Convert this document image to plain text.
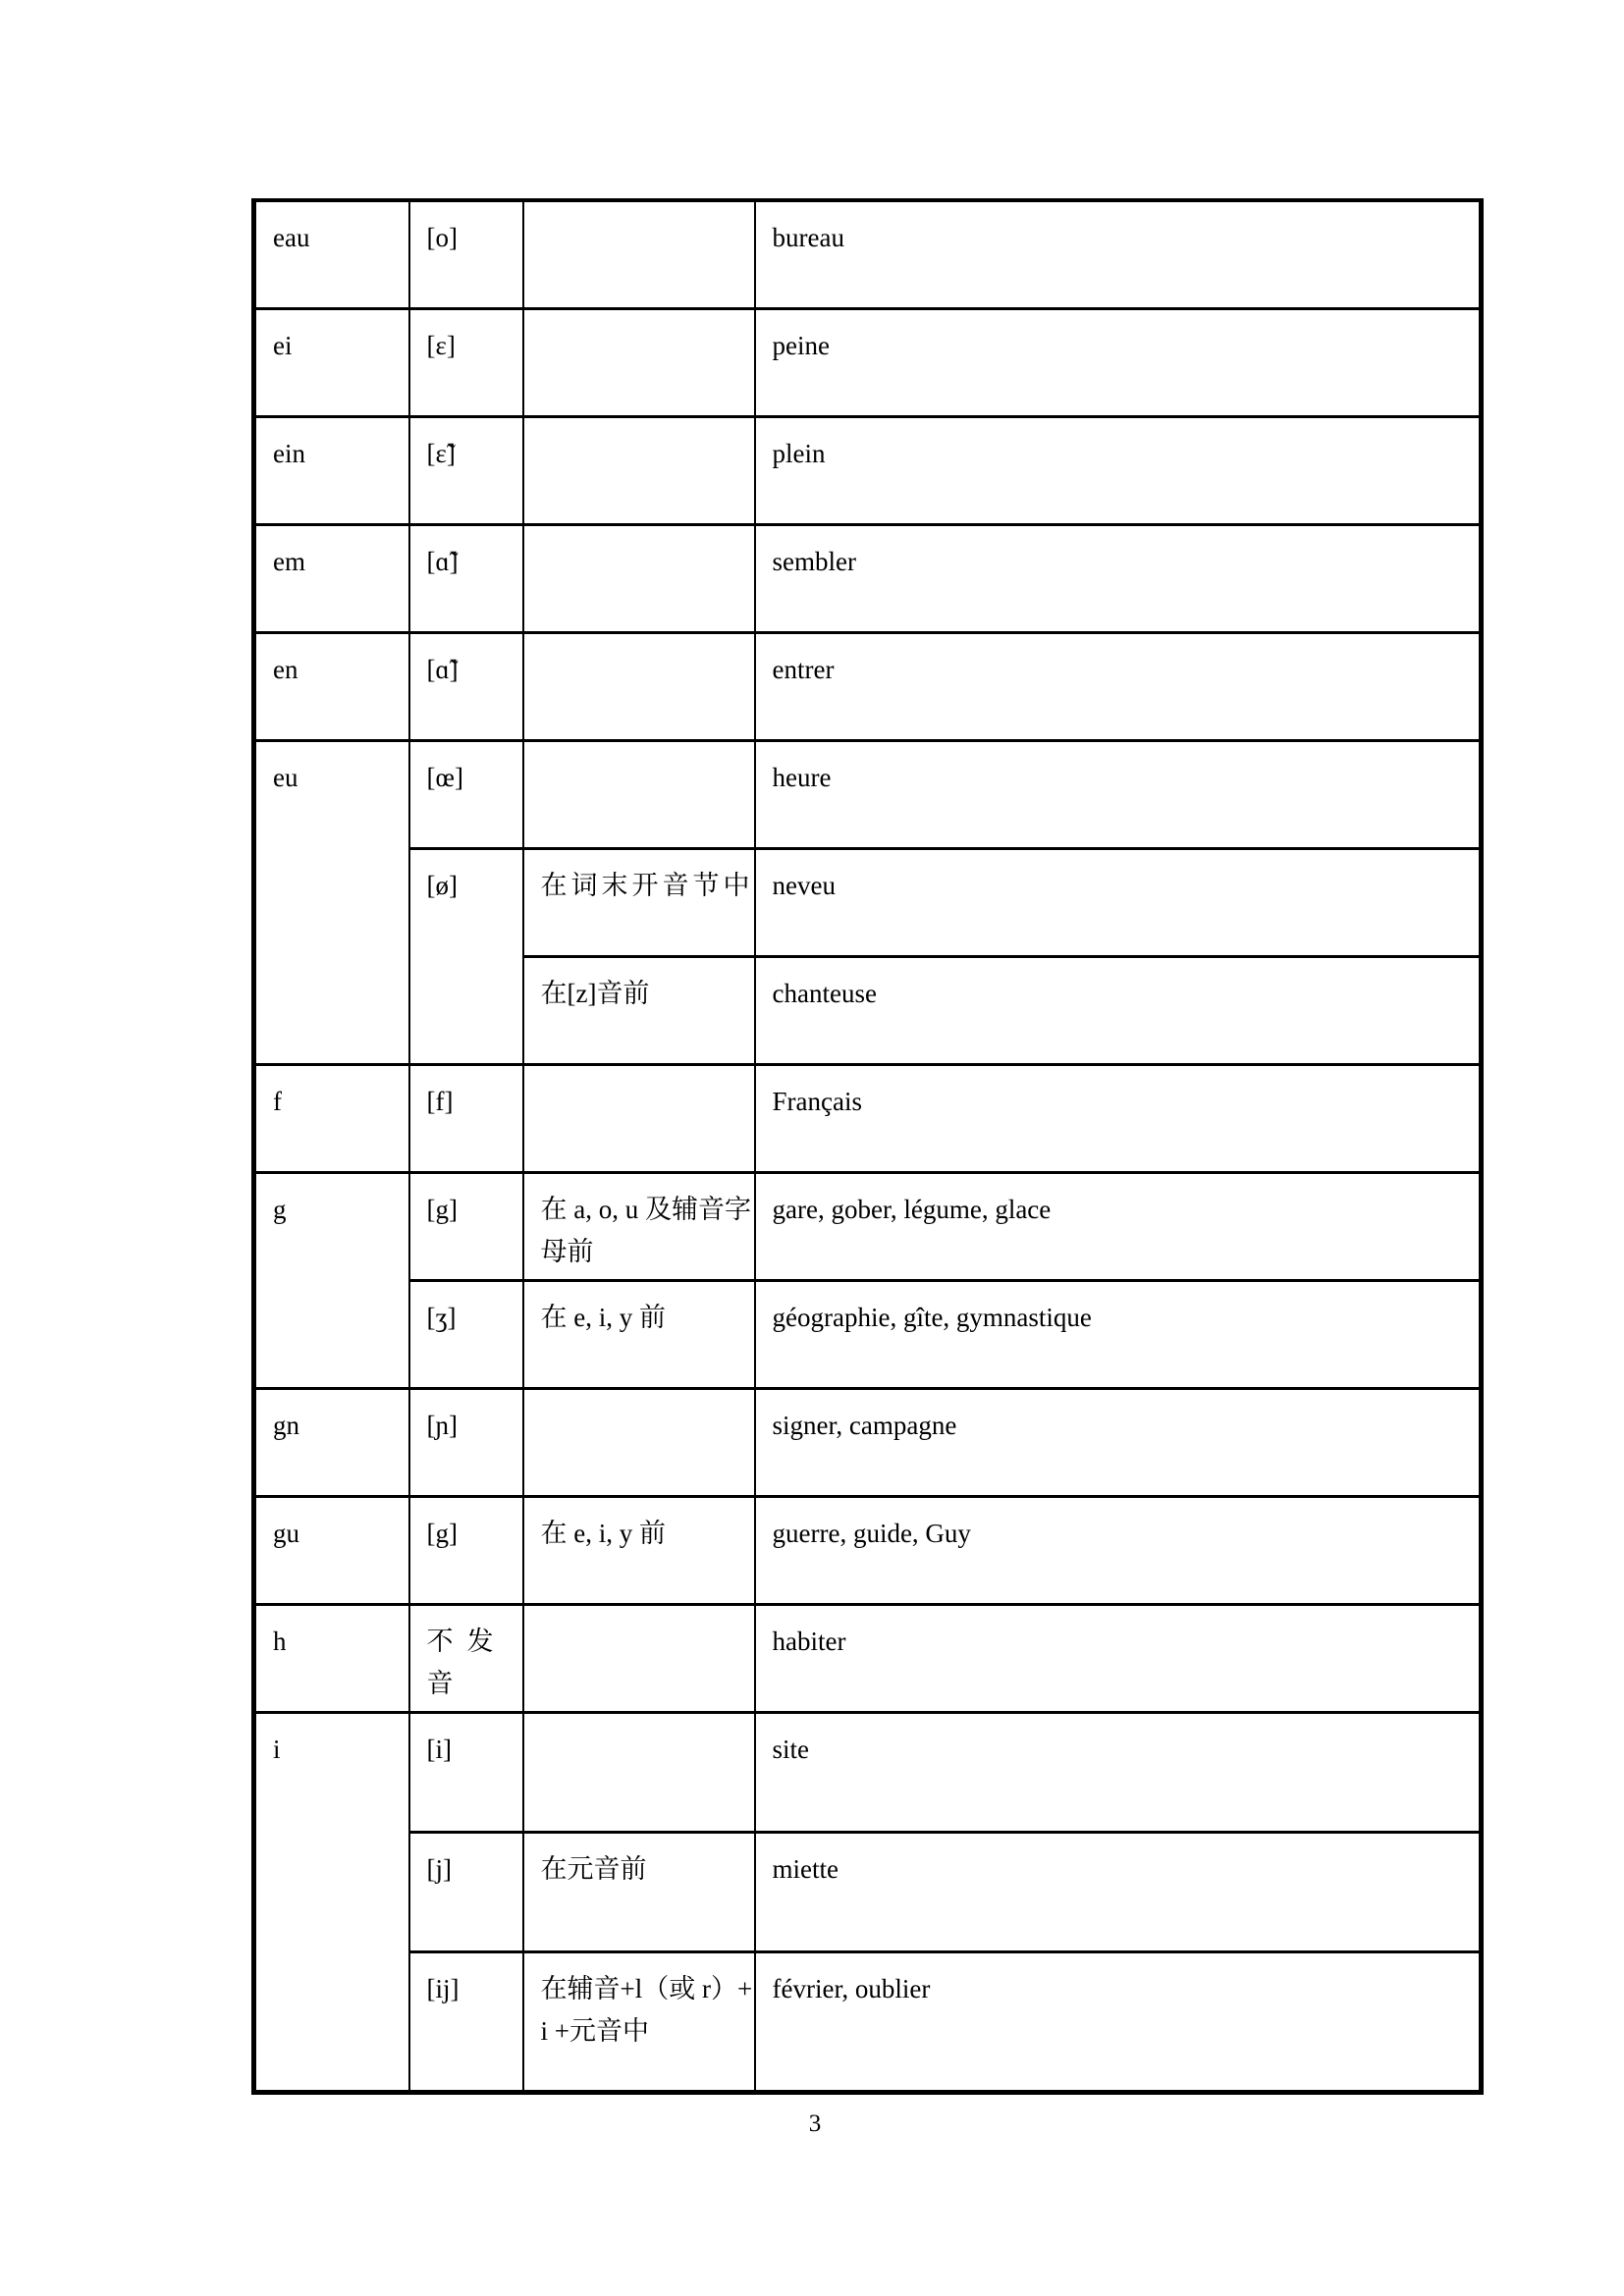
eau	[o]		bureau
ei	[ɛ]		peine
ein	[ɛ̃]		plein
em	[ɑ̃]		sembler
en	[ɑ̃]		entrer
eu	[œ]		heure
	[ø]	在词末开音节中	neveu
		在[z]音前	chanteuse
f	[f]		Français
g	[g]	在 a, o, u 及辅音字母前	gare, gober, légume, glace
	[ʒ]	在 e, i, y 前	géographie, gîte, gymnastique
gn	[ɲ]		signer, campagne
gu	[g]	在 e, i, y 前	guerre, guide, Guy
h	不发音		habiter
i	[i]		site
	[j]	在元音前	miette
	[ij]	在辅音+l（或 r）+ i +元音中	février, oublier
3
